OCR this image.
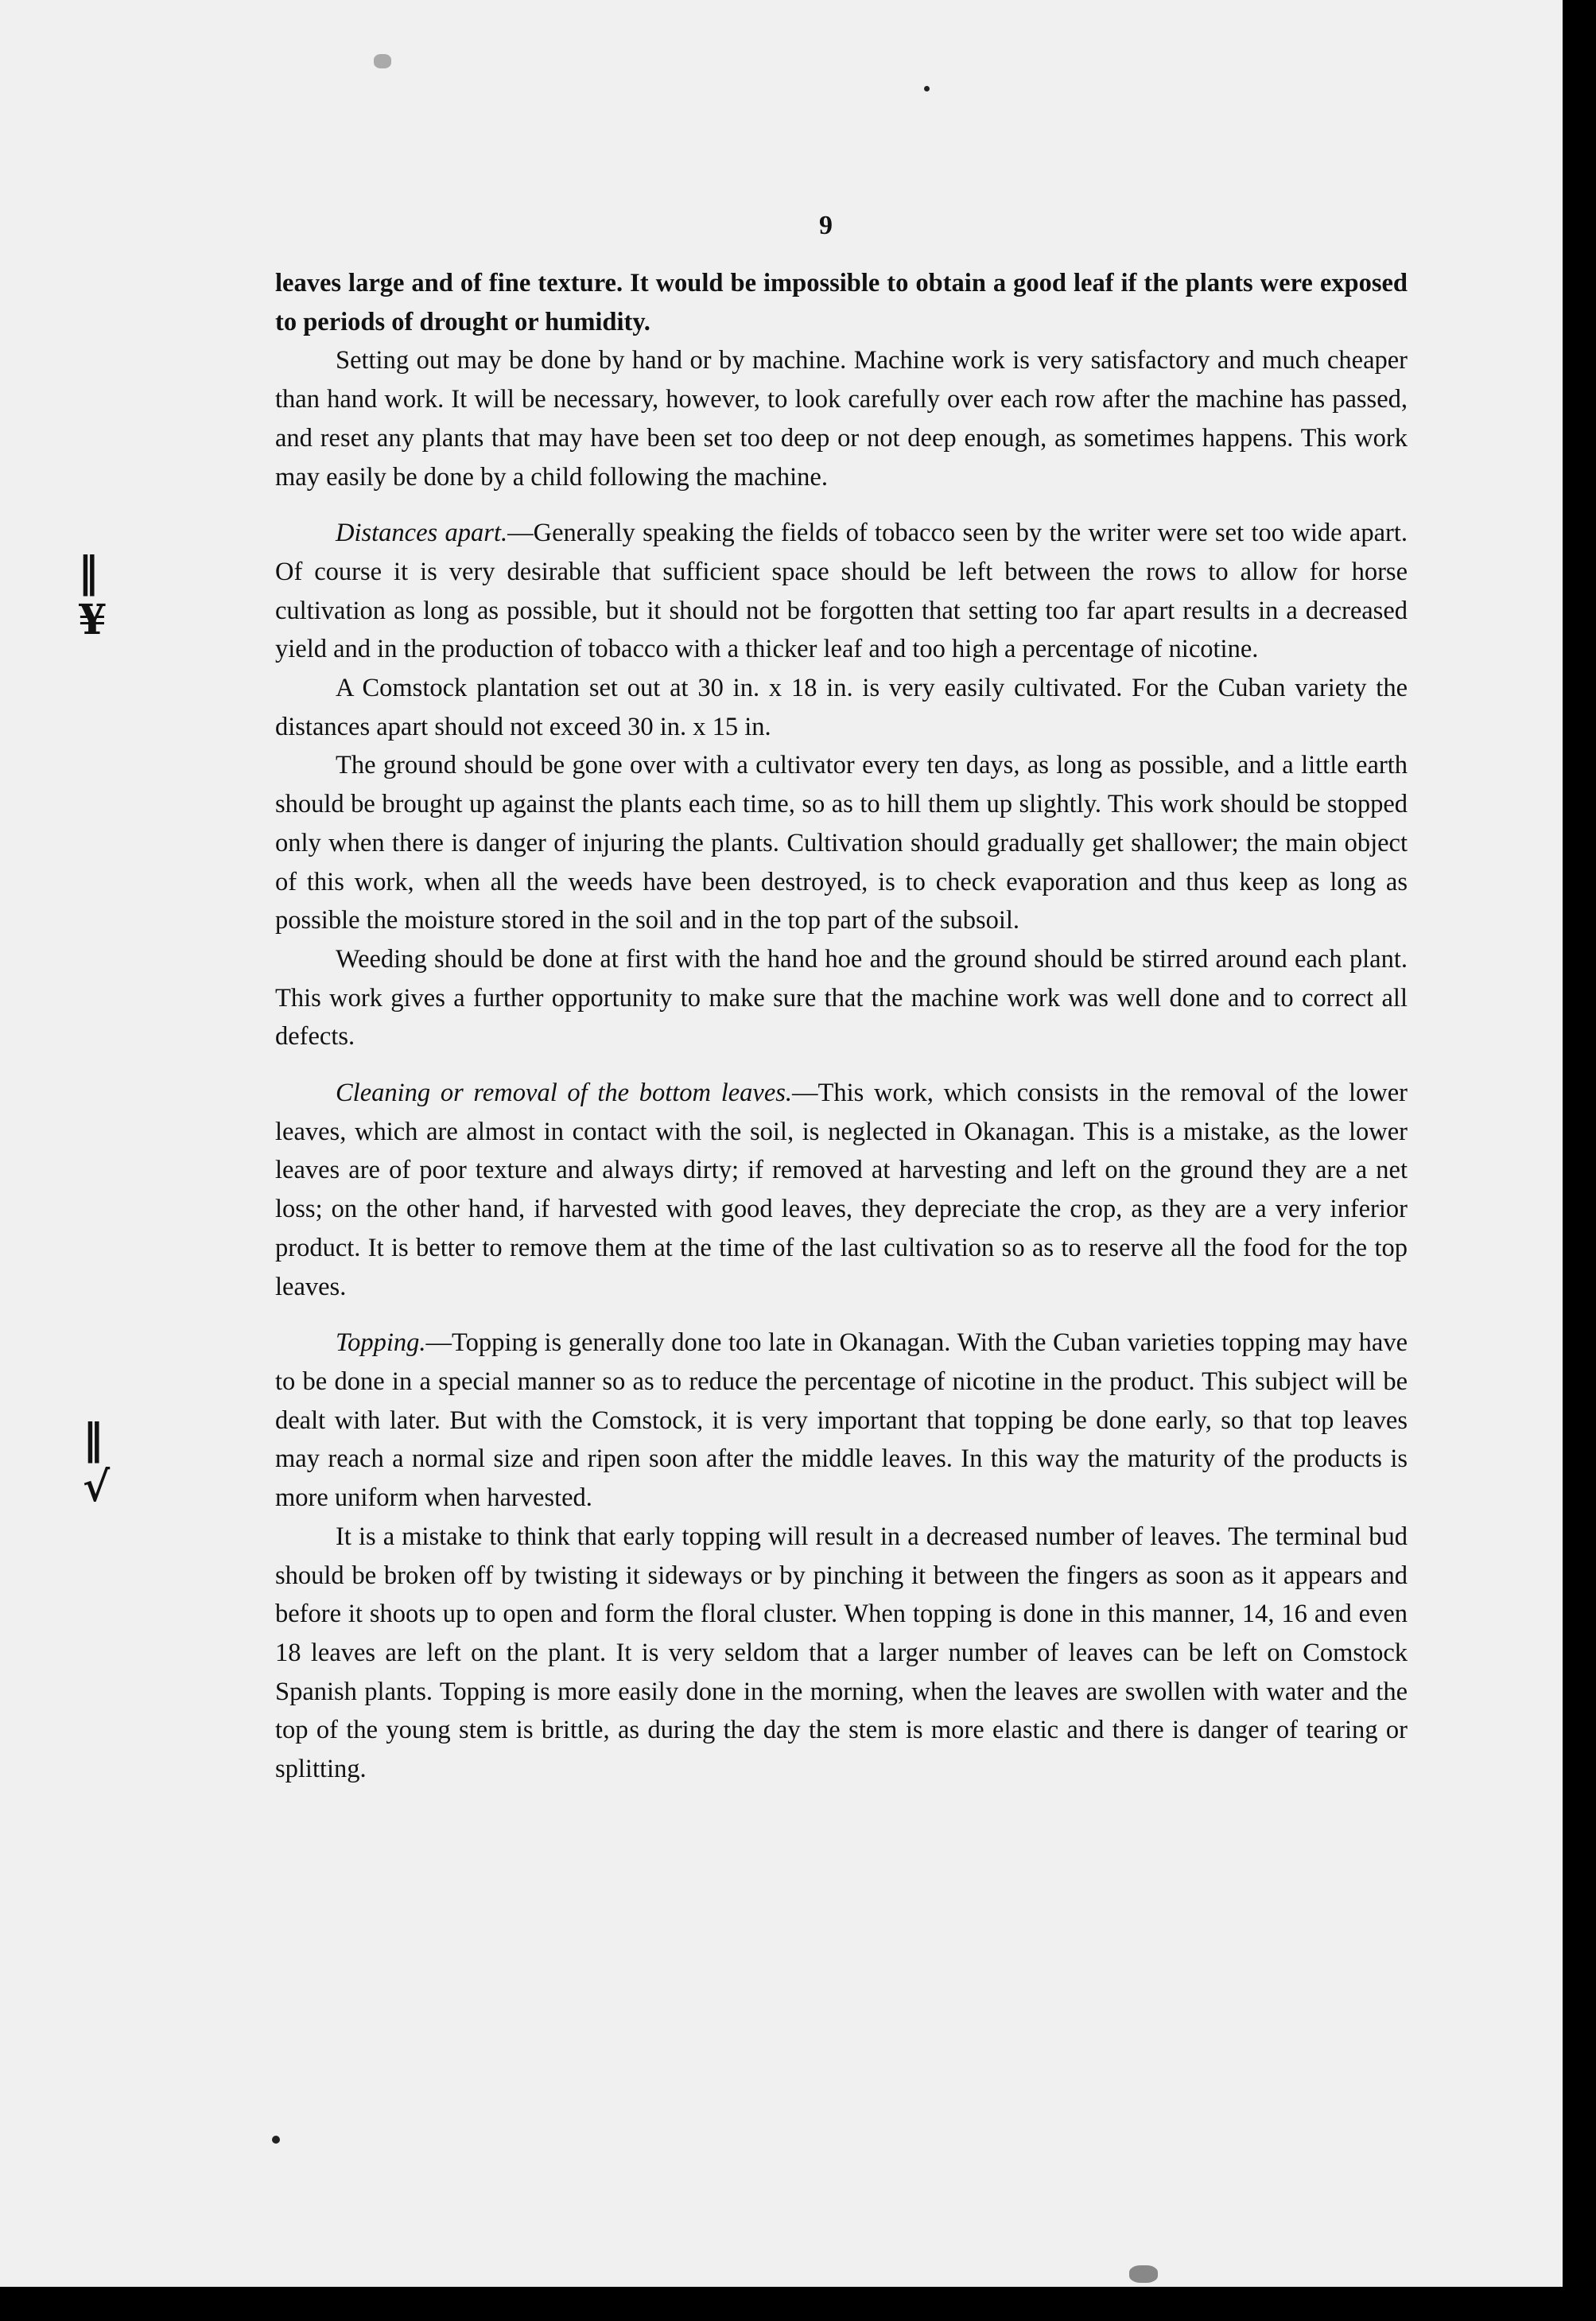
‖
¥
‖
√
9

leaves large and of fine texture. It would be impossible to obtain a good leaf if the plants were exposed to periods of drought or humidity.

Setting out may be done by hand or by machine. Machine work is very satisfactory and much cheaper than hand work. It will be necessary, however, to look carefully over each row after the machine has passed, and reset any plants that may have been set too deep or not deep enough, as sometimes happens. This work may easily be done by a child following the machine.

Distances apart.—Generally speaking the fields of tobacco seen by the writer were set too wide apart. Of course it is very desirable that sufficient space should be left between the rows to allow for horse cultivation as long as possible, but it should not be forgotten that setting too far apart results in a decreased yield and in the production of tobacco with a thicker leaf and too high a percentage of nicotine.

A Comstock plantation set out at 30 in. x 18 in. is very easily cultivated. For the Cuban variety the distances apart should not exceed 30 in. x 15 in.

The ground should be gone over with a cultivator every ten days, as long as possible, and a little earth should be brought up against the plants each time, so as to hill them up slightly. This work should be stopped only when there is danger of injuring the plants. Cultivation should gradually get shallower; the main object of this work, when all the weeds have been destroyed, is to check evaporation and thus keep as long as possible the moisture stored in the soil and in the top part of the subsoil.

Weeding should be done at first with the hand hoe and the ground should be stirred around each plant. This work gives a further opportunity to make sure that the machine work was well done and to correct all defects.

Cleaning or removal of the bottom leaves.—This work, which consists in the removal of the lower leaves, which are almost in contact with the soil, is neglected in Okanagan. This is a mistake, as the lower leaves are of poor texture and always dirty; if removed at harvesting and left on the ground they are a net loss; on the other hand, if harvested with good leaves, they depreciate the crop, as they are a very inferior product. It is better to remove them at the time of the last cultivation so as to reserve all the food for the top leaves.

Topping.—Topping is generally done too late in Okanagan. With the Cuban varieties topping may have to be done in a special manner so as to reduce the percentage of nicotine in the product. This subject will be dealt with later. But with the Comstock, it is very important that topping be done early, so that top leaves may reach a normal size and ripen soon after the middle leaves. In this way the maturity of the products is more uniform when harvested.

It is a mistake to think that early topping will result in a decreased number of leaves. The terminal bud should be broken off by twisting it sideways or by pinching it between the fingers as soon as it appears and before it shoots up to open and form the floral cluster. When topping is done in this manner, 14, 16 and even 18 leaves are left on the plant. It is very seldom that a larger number of leaves can be left on Comstock Spanish plants. Topping is more easily done in the morning, when the leaves are swollen with water and the top of the young stem is brittle, as during the day the stem is more elastic and there is danger of tearing or splitting.
